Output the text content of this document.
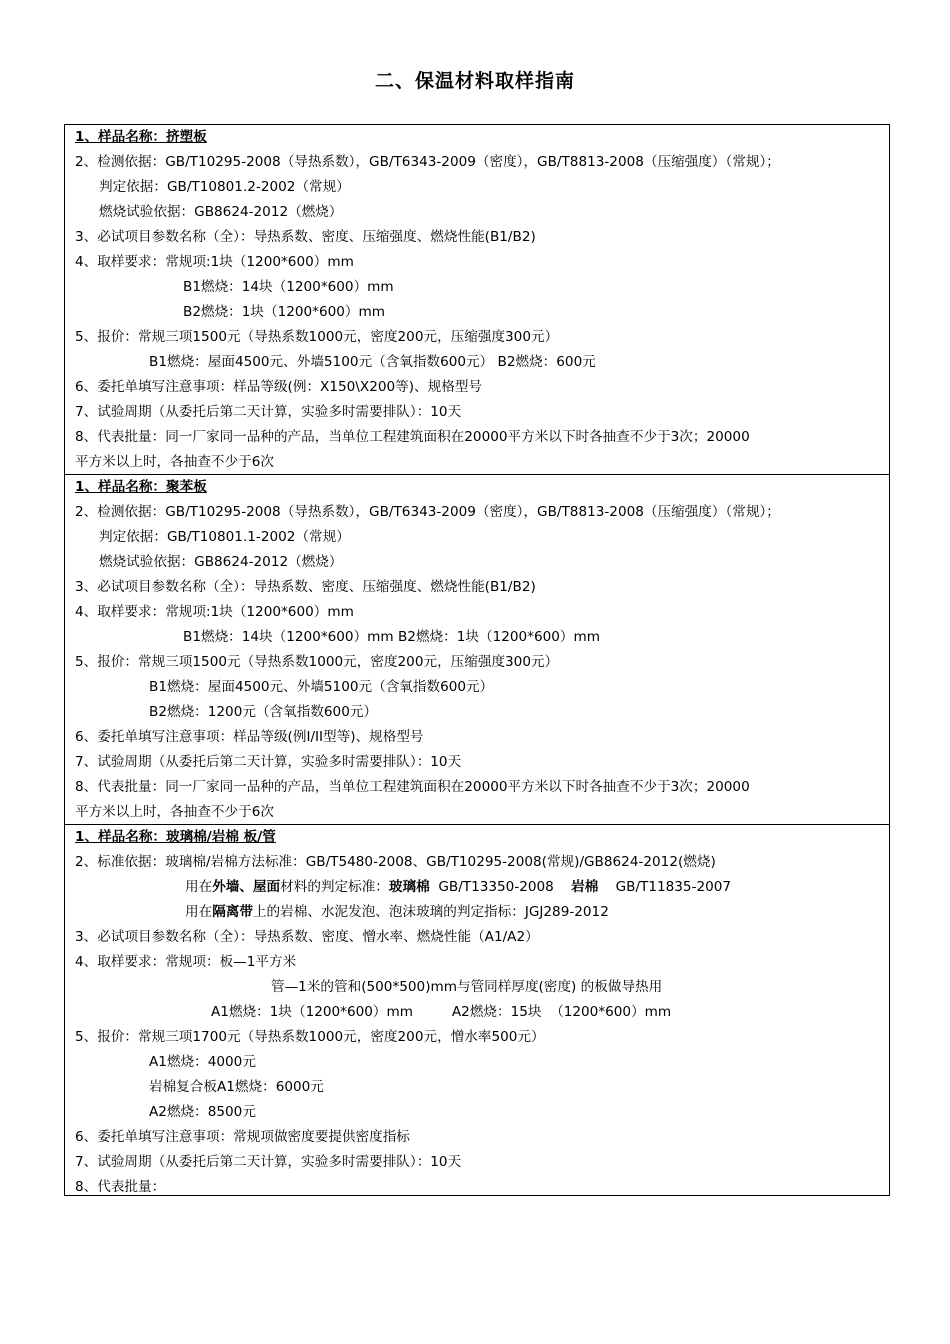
二、保温材料取样指南
1、样品名称：挤塑板
2、检测依据：GB/T10295-2008（导热系数），GB/T6343-2009（密度），GB/T8813-2008（压缩强度）（常规）；
判定依据：GB/T10801.2-2002（常规）
燃烧试验依据：GB8624-2012（燃烧）
3、必试项目参数名称（全）：导热系数、密度、压缩强度、燃烧性能(B1/B2)
4、取样要求：常规项:1块（1200*600）mm
B1燃烧：14块（1200*600）mm
B2燃烧：1块（1200*600）mm
5、报价：常规三项1500元（导热系数1000元，密度200元，压缩强度300元）
B1燃烧：屋面4500元、外墙5100元（含氧指数600元） B2燃烧：600元
6、委托单填写注意事项：样品等级(例：X150\X200等)、规格型号
7、试验周期（从委托后第二天计算，实验多时需要排队）：10天
8、代表批量：同一厂家同一品种的产品，当单位工程建筑面积在20000平方米以下时各抽查不少于3次；20000
平方米以上时，各抽查不少于6次
1、样品名称：聚苯板
2、检测依据：GB/T10295-2008（导热系数），GB/T6343-2009（密度），GB/T8813-2008（压缩强度）（常规）；
判定依据：GB/T10801.1-2002（常规）
燃烧试验依据：GB8624-2012（燃烧）
3、必试项目参数名称（全）：导热系数、密度、压缩强度、燃烧性能(B1/B2)
4、取样要求：常规项:1块（1200*600）mm
B1燃烧：14块（1200*600）mm B2燃烧：1块（1200*600）mm
5、报价：常规三项1500元（导热系数1000元，密度200元，压缩强度300元）
B1燃烧：屋面4500元、外墙5100元（含氧指数600元）
B2燃烧：1200元（含氧指数600元）
6、委托单填写注意事项：样品等级(例I/II型等)、规格型号
7、试验周期（从委托后第二天计算，实验多时需要排队）：10天
8、代表批量：同一厂家同一品种的产品，当单位工程建筑面积在20000平方米以下时各抽查不少于3次；20000
平方米以上时，各抽查不少于6次
1、样品名称：玻璃棉/岩棉 板/管
2、标准依据：玻璃棉/岩棉方法标准：GB/T5480-2008、GB/T10295-2008(常规)/GB8624-2012(燃烧)
用在外墙、屋面材料的判定标准：玻璃棉  GB/T13350-2008    岩棉    GB/T11835-2007
用在隔离带上的岩棉、水泥发泡、泡沫玻璃的判定指标：JGJ289-2012
3、必试项目参数名称（全）：导热系数、密度、憎水率、燃烧性能（A1/A2）
4、取样要求：常规项：板—1平方米
管—1米的管和(500*500)mm与管同样厚度(密度) 的板做导热用
A1燃烧：1块（1200*600）mm         A2燃烧：15块  （1200*600）mm
5、报价：常规三项1700元（导热系数1000元，密度200元，憎水率500元）
A1燃烧：4000元
岩棉复合板A1燃烧：6000元
A2燃烧：8500元
6、委托单填写注意事项：常规项做密度要提供密度指标
7、试验周期（从委托后第二天计算，实验多时需要排队）：10天
8、代表批量：
